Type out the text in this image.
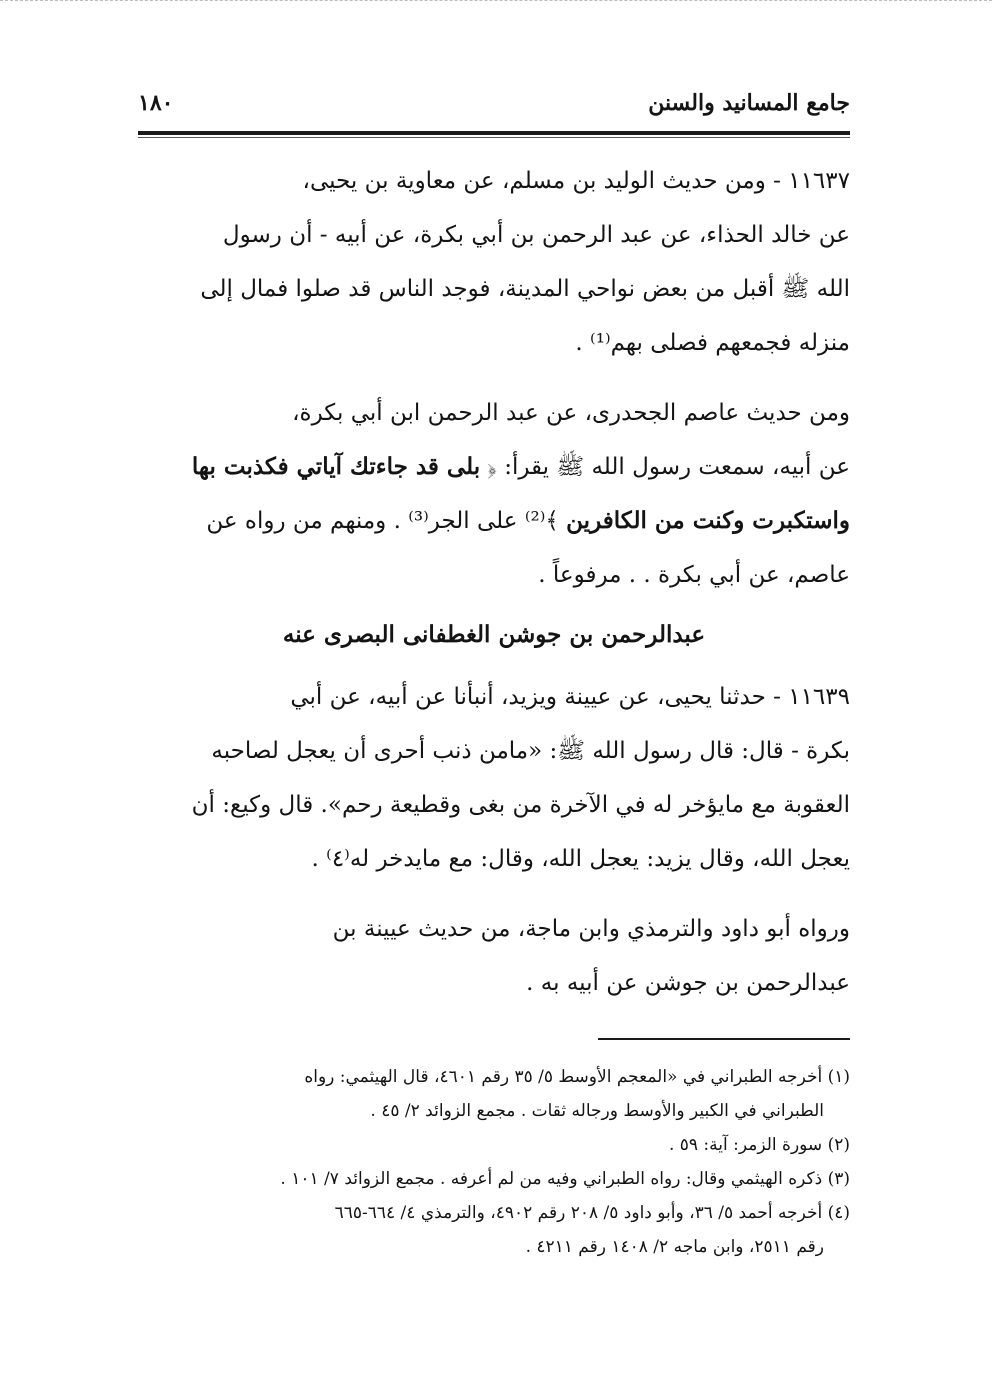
جامع المسانيد والسنن
١٨٠
١١٦٣٧ - ومن حديث الوليد بن مسلم، عن معاوية بن يحيى،
عن خالد الحذاء، عن عبد الرحمن بن أبي بكرة، عن أبيه - أن رسول
الله ﷺ أقبل من بعض نواحي المدينة، فوجد الناس قد صلوا فمال إلى
منزله فجمعهم فصلى بهم⁽¹⁾ .
ومن حديث عاصم الجحدرى، عن عبد الرحمن ابن أبي بكرة،
عن أبيه، سمعت رسول الله ﷺ يقرأ: ﴿ بلى قد جاءتك آياتي فكذبت بها
واستكبرت وكنت من الكافرين ﴾⁽²⁾ على الجر⁽³⁾ . ومنهم من رواه عن
عاصم، عن أبي بكرة . . مرفوعاً .
عبدالرحمن بن جوشن الغطفانى البصرى عنه
١١٦٣٩ - حدثنا يحيى، عن عيينة ويزيد، أنبأنا عن أبيه، عن أبي
بكرة - قال: قال رسول الله ﷺ: «مامن ذنب أحرى أن يعجل لصاحبه
العقوبة مع مايؤخر له في الآخرة من بغى وقطيعة رحم». قال وكيع: أن
يعجل الله، وقال يزيد: يعجل الله، وقال: مع مايدخر له⁽٤⁾ .
ورواه أبو داود والترمذي وابن ماجة، من حديث عيينة بن
عبدالرحمن بن جوشن عن أبيه به .
(١) أخرجه الطبراني في «المعجم الأوسط ٥/ ٣٥ رقم ٤٦٠١، قال الهيثمي: رواه
الطبراني في الكبير والأوسط ورجاله ثقات . مجمع الزوائد ٢/ ٤٥ .
(٢) سورة الزمر: آية: ٥٩ .
(٣) ذكره الهيثمي وقال: رواه الطبراني وفيه من لم أعرفه . مجمع الزوائد ٧/ ١٠١ .
(٤) أخرجه أحمد ٥/ ٣٦، وأبو داود ٥/ ٢٠٨ رقم ٤٩٠٢، والترمذي ٤/ ٦٦٤-٦٦٥
رقم ٢٥١١، وابن ماجه ٢/ ١٤٠٨ رقم ٤٢١١ .
